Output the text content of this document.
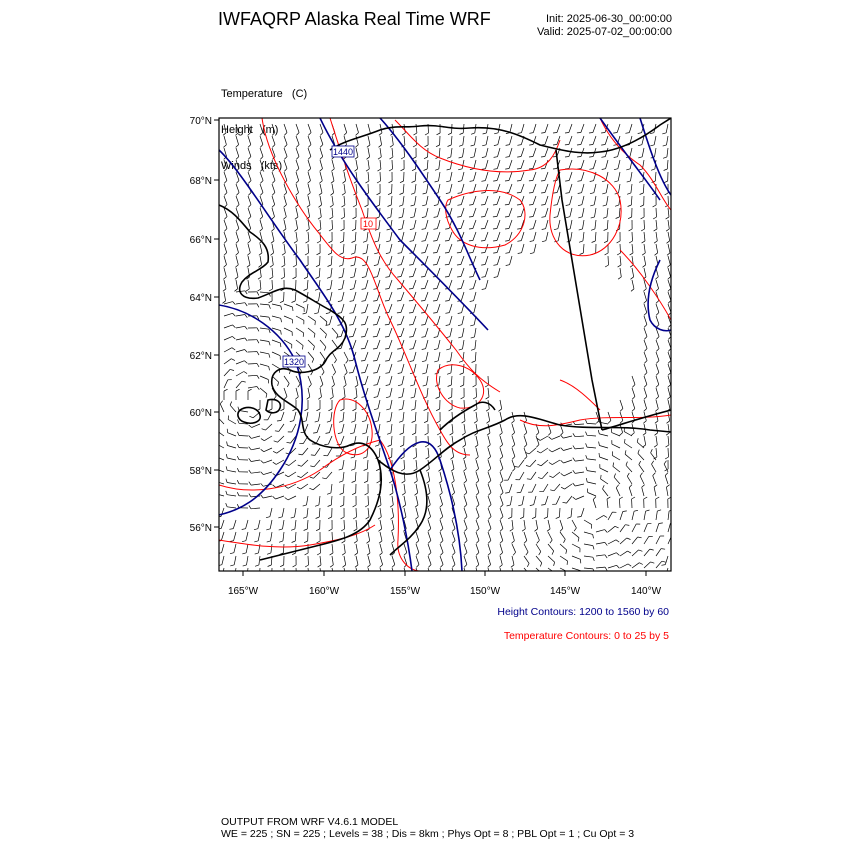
IWFAQRP Alaska Real Time WRF	Init: 2025-06-30_00:00:00
Valid: 2025-07-02_00:00:00

Temperature   (C)

Height   (m)

Winds   (kts)

1440
1320
10
70°N
68°N
66°N
64°N
62°N
60°N
58°N
56°N
165°W	160°W	155°W	150°W	145°W	140°W
Height Contours: 1200 to 1560 by 60
Temperature Contours: 0 to 25 by 5
OUTPUT FROM WRF V4.6.1 MODEL
WE = 225 ; SN = 225 ; Levels = 38 ; Dis = 8km ; Phys Opt = 8 ; PBL Opt = 1 ; Cu Opt = 3
